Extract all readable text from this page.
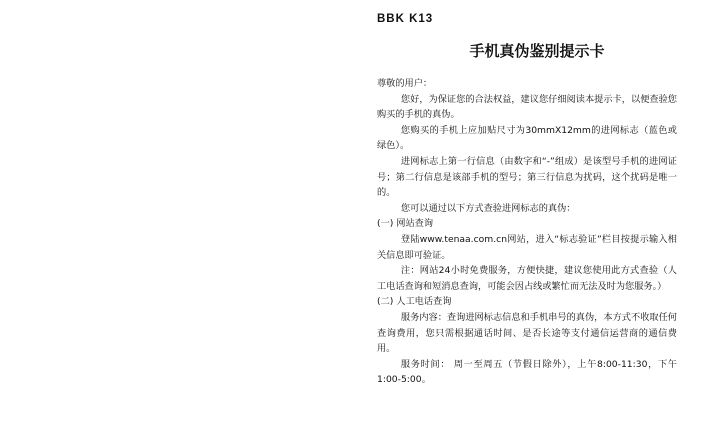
BBK K13
手机真伪鉴别提示卡

尊敬的用户：

您好，为保证您的合法权益，建议您仔细阅读本提示卡，以便查验您购买的手机的真伪。

您购买的手机上应加贴尺寸为30mmX12mm的进网标志（蓝色或绿色）。

进网标志上第一行信息（由数字和“-”组成）是该型号手机的进网证号；第二行信息是该部手机的型号；第三行信息为扰码，这个扰码是唯一的。

您可以通过以下方式查验进网标志的真伪：

(一) 网站查询

登陆www.tenaa.com.cn网站，进入“标志验证”栏目按提示输入相关信息即可验证。

注：网站24小时免费服务，方便快捷，建议您使用此方式查验（人工电话查询和短消息查询，可能会因占线或繁忙而无法及时为您服务。）

(二) 人工电话查询

服务内容：查询进网标志信息和手机串号的真伪，本方式不收取任何查询费用，您只需根据通话时间、是否长途等支付通信运营商的通信费用。

服务时间： 周一至周五（节假日除外），上午8:00-11:30，下午1:00-5:00。
